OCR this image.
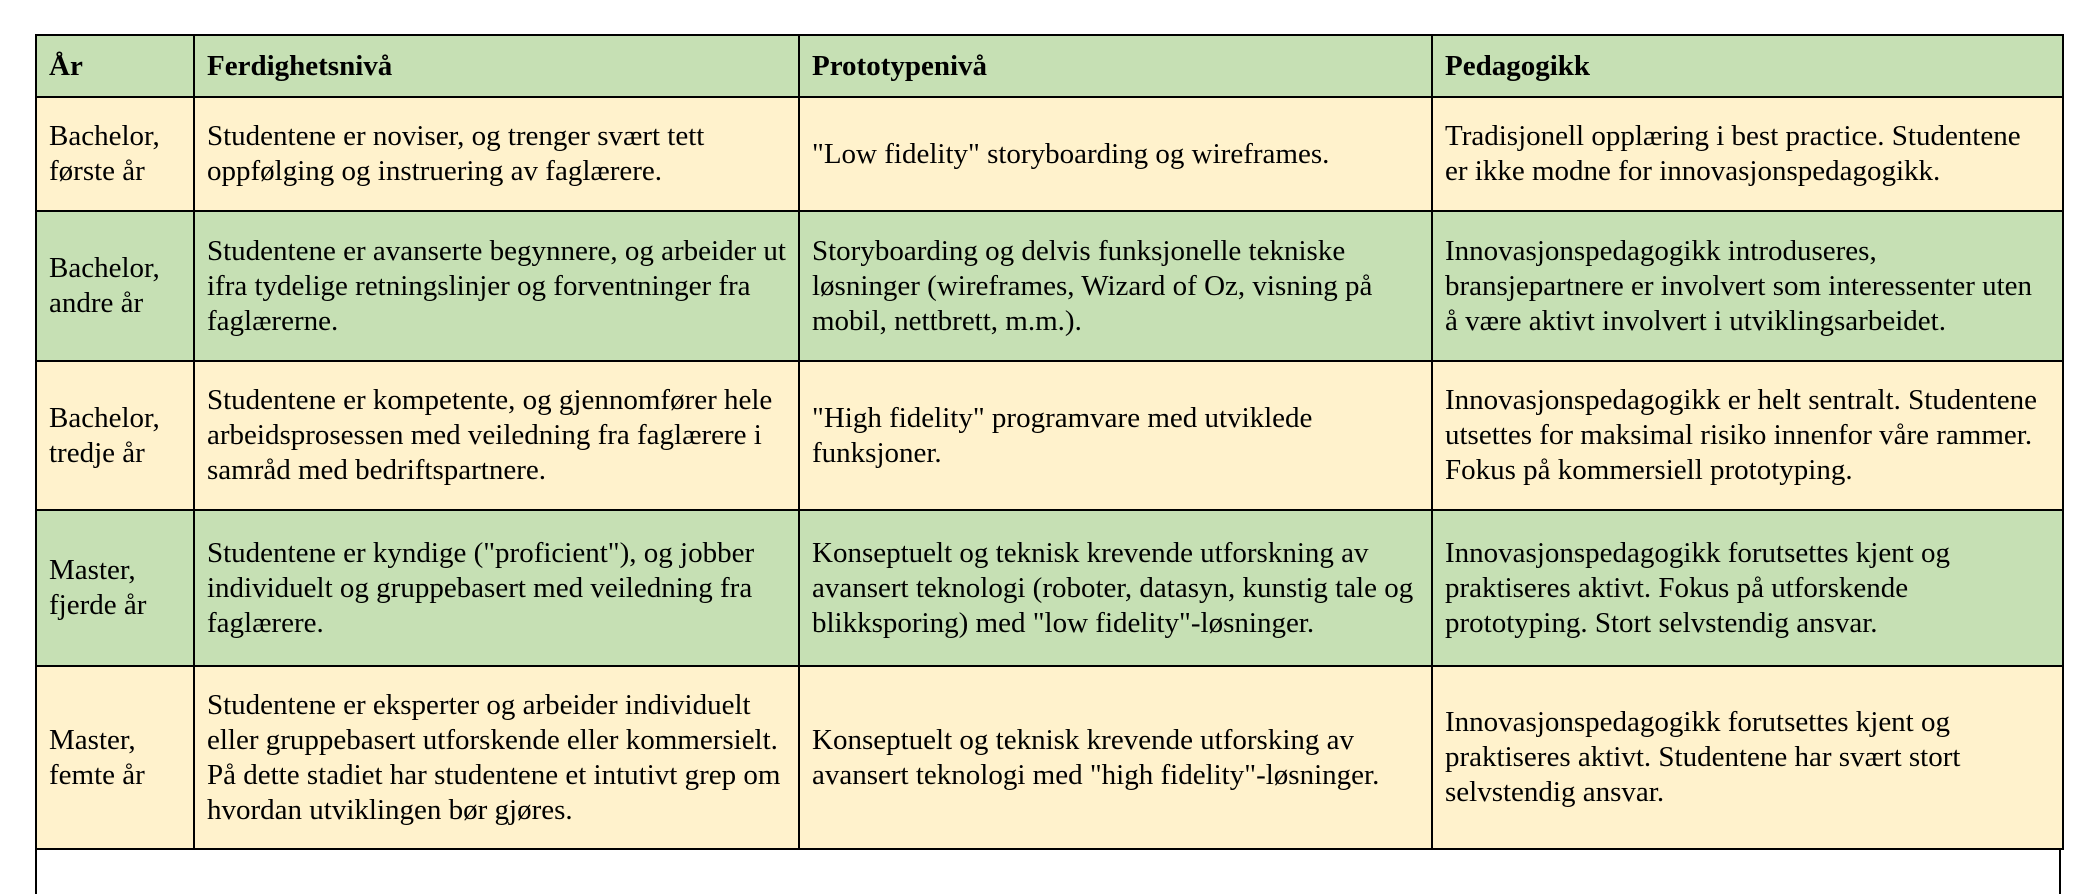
År	Ferdighetsnivå	Prototypenivå	Pedagogikk

Bachelor, første år	Studentene er noviser, og trenger svært tett oppfølging og instruering av faglærere.	"Low fidelity" storyboarding og wireframes.	Tradisjonell opplæring i best practice. Studentene er ikke modne for innovasjonspedagogikk.

Bachelor, andre år	Studentene er avanserte begynnere, og arbeider ut ifra tydelige retningslinjer og forventninger fra faglærerne.	Storyboarding og delvis funksjonelle tekniske løsninger (wireframes, Wizard of Oz, visning på mobil, nettbrett, m.m.).	Innovasjonspedagogikk introduseres, bransjepartnere er involvert som interessenter uten å være aktivt involvert i utviklingsarbeidet.

Bachelor, tredje år	Studentene er kompetente, og gjennomfører hele arbeidsprosessen med veiledning fra faglærere i samråd med bedriftspartnere.	"High fidelity" programvare med utviklede funksjoner.	Innovasjonspedagogikk er helt sentralt. Studentene utsettes for maksimal risiko innenfor våre rammer. Fokus på kommersiell prototyping.

Master, fjerde år	Studentene er kyndige ("proficient"), og jobber individuelt og gruppebasert med veiledning fra faglærere.	Konseptuelt og teknisk krevende utforskning av avansert teknologi (roboter, datasyn, kunstig tale og blikksporing) med "low fidelity"-løsninger.	Innovasjonspedagogikk forutsettes kjent og praktiseres aktivt. Fokus på utforskende prototyping. Stort selvstendig ansvar.

Master, femte år	Studentene er eksperter og arbeider individuelt eller gruppebasert utforskende eller kommersielt. På dette stadiet har studentene et intutivt grep om hvordan utviklingen bør gjøres.	Konseptuelt og teknisk krevende utforsking av avansert teknologi med "high fidelity"-løsninger.	Innovasjonspedagogikk forutsettes kjent og praktiseres aktivt. Studentene har svært stort selvstendig ansvar.
